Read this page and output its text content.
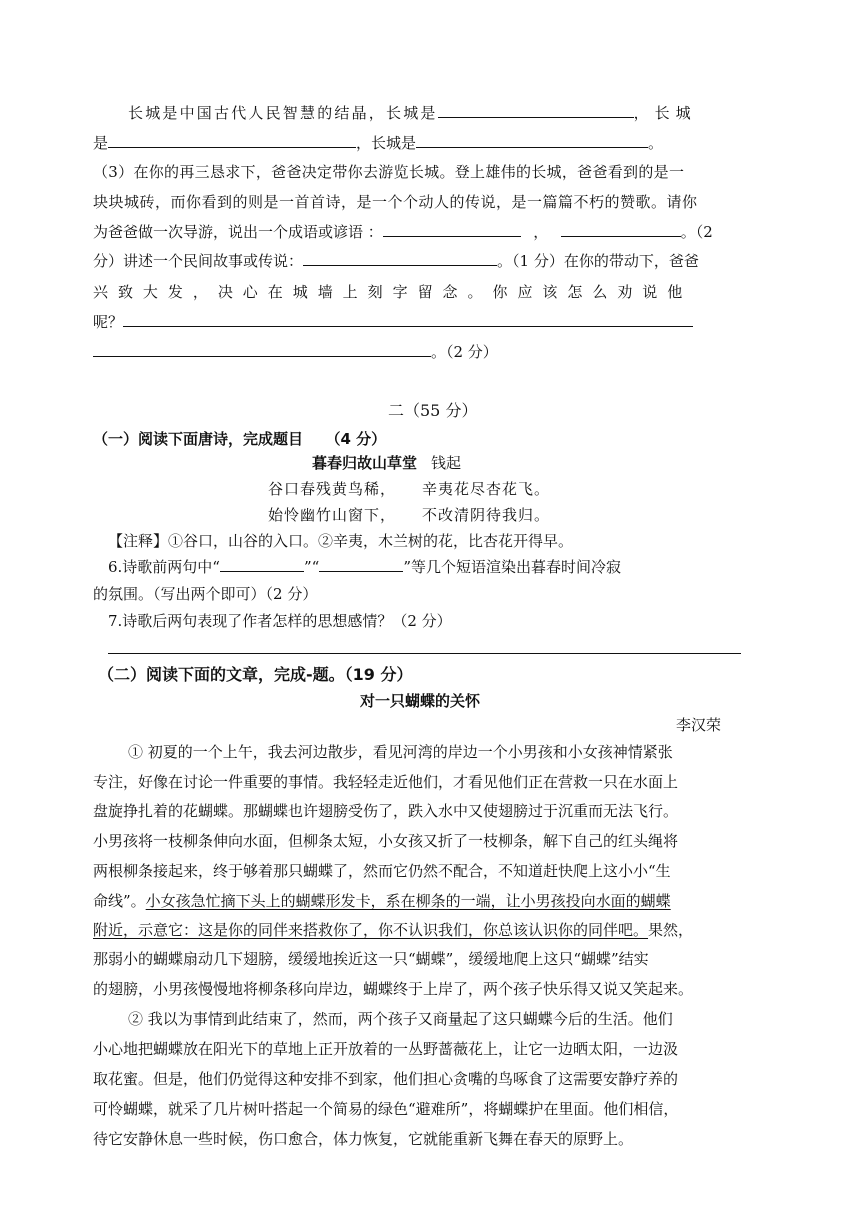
长城是中国古代人民智慧的结晶，长城是	，长城
是	，长城是	。
（3）在你的再三恳求下，爸爸决定带你去游览长城。登上雄伟的长城，爸爸看到的是一
块块城砖，而你看到的则是一首首诗，是一个个动人的传说，是一篇篇不朽的赞歌。请你
为爸爸做一次导游，说出一个成语或谚语 ：	，	。（2
分）讲述一个民间故事或传说：	。（1 分）在你的带动下，爸爸
兴 致 大 发 ， 决 心 在 城 墙 上 刻 字 留 念 。 你 应 该 怎 么 劝 说 他
呢？
。（2 分）
二（55 分）
（一）阅读下面唐诗，完成题目　　（4 分）
暮春归故山草堂 钱起
谷口春残黄鸟稀， 辛夷花尽杏花飞。
始怜幽竹山窗下， 不改清阴待我归。
【注释】①谷口，山谷的入口。②辛夷，木兰树的花，比杏花开得早。
6.诗歌前两句中“	”“	”等几个短语渲染出暮春时间冷寂
的氛围。（写出两个即可）（2 分）
7.诗歌后两句表现了作者怎样的思想感情？（2 分）
（二）阅读下面的文章，完成-题。（19 分）
对一只蝴蝶的关怀
李汉荣
① 初夏的一个上午，我去河边散步，看见河湾的岸边一个小男孩和小女孩神情紧张
专注，好像在讨论一件重要的事情。我轻轻走近他们，才看见他们正在营救一只在水面上
盘旋挣扎着的花蝴蝶。那蝴蝶也许翅膀受伤了，跌入水中又使翅膀过于沉重而无法飞行。
小男孩将一枝柳条伸向水面，但柳条太短，小女孩又折了一枝柳条，解下自己的红头绳将
两根柳条接起来，终于够着那只蝴蝶了，然而它仍然不配合，不知道赶快爬上这小小“生
命线”。小女孩急忙摘下头上的蝴蝶形发卡，系在柳条的一端，让小男孩投向水面的蝴蝶
附近，示意它：这是你的同伴来搭救你了，你不认识我们，你总该认识你的同伴吧。果然，
那弱小的蝴蝶扇动几下翅膀，缓缓地挨近这一只“蝴蝶”，缓缓地爬上这只“蝴蝶”结实
的翅膀，小男孩慢慢地将柳条移向岸边，蝴蝶终于上岸了，两个孩子快乐得又说又笑起来。
② 我以为事情到此结束了，然而，两个孩子又商量起了这只蝴蝶今后的生活。他们
小心地把蝴蝶放在阳光下的草地上正开放着的一丛野蔷薇花上，让它一边晒太阳，一边汲
取花蜜。但是，他们仍觉得这种安排不到家，他们担心贪嘴的鸟啄食了这需要安静疗养的
可怜蝴蝶，就采了几片树叶搭起一个简易的绿色“避难所”，将蝴蝶护在里面。他们相信，
待它安静休息一些时候，伤口愈合，体力恢复，它就能重新飞舞在春天的原野上。
